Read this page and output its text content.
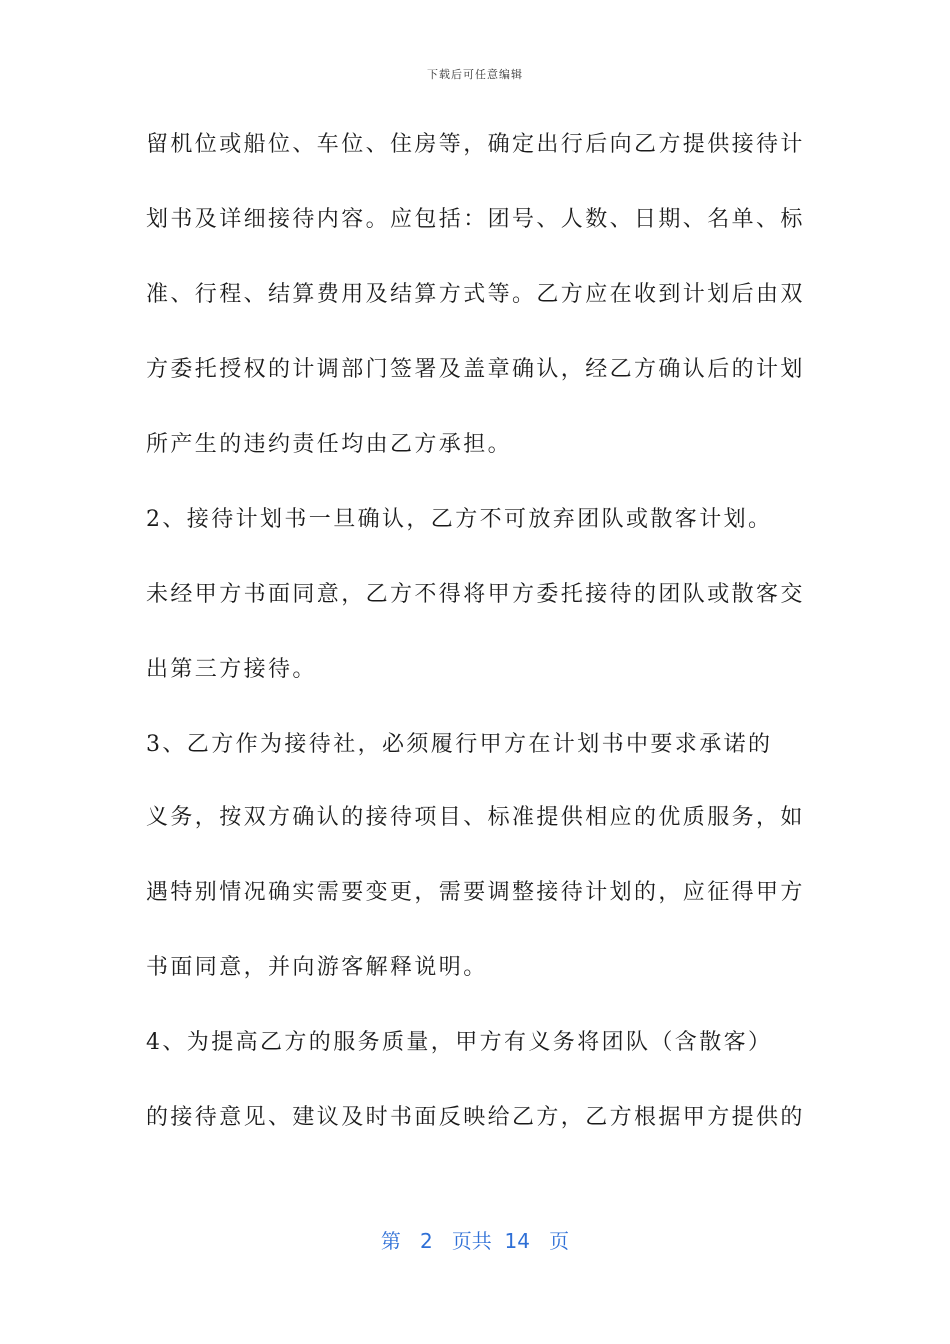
下载后可任意编辑
留机位或船位、车位、住房等，确定出行后向乙方提供接待计
划书及详细接待内容。应包括：团号、人数、日期、名单、标
准、行程、结算费用及结算方式等。乙方应在收到计划后由双
方委托授权的计调部门签署及盖章确认，经乙方确认后的计划
所产生的违约责任均由乙方承担。
2、接待计划书一旦确认，乙方不可放弃团队或散客计划。
未经甲方书面同意，乙方不得将甲方委托接待的团队或散客交
出第三方接待。
3、乙方作为接待社，必须履行甲方在计划书中要求承诺的
义务，按双方确认的接待项目、标准提供相应的优质服务，如
遇特别情况确实需要变更，需要调整接待计划的，应征得甲方
书面同意，并向游客解释说明。
4、为提高乙方的服务质量，甲方有义务将团队（含散客）
的接待意见、建议及时书面反映给乙方，乙方根据甲方提供的
第 2 页共 14 页
